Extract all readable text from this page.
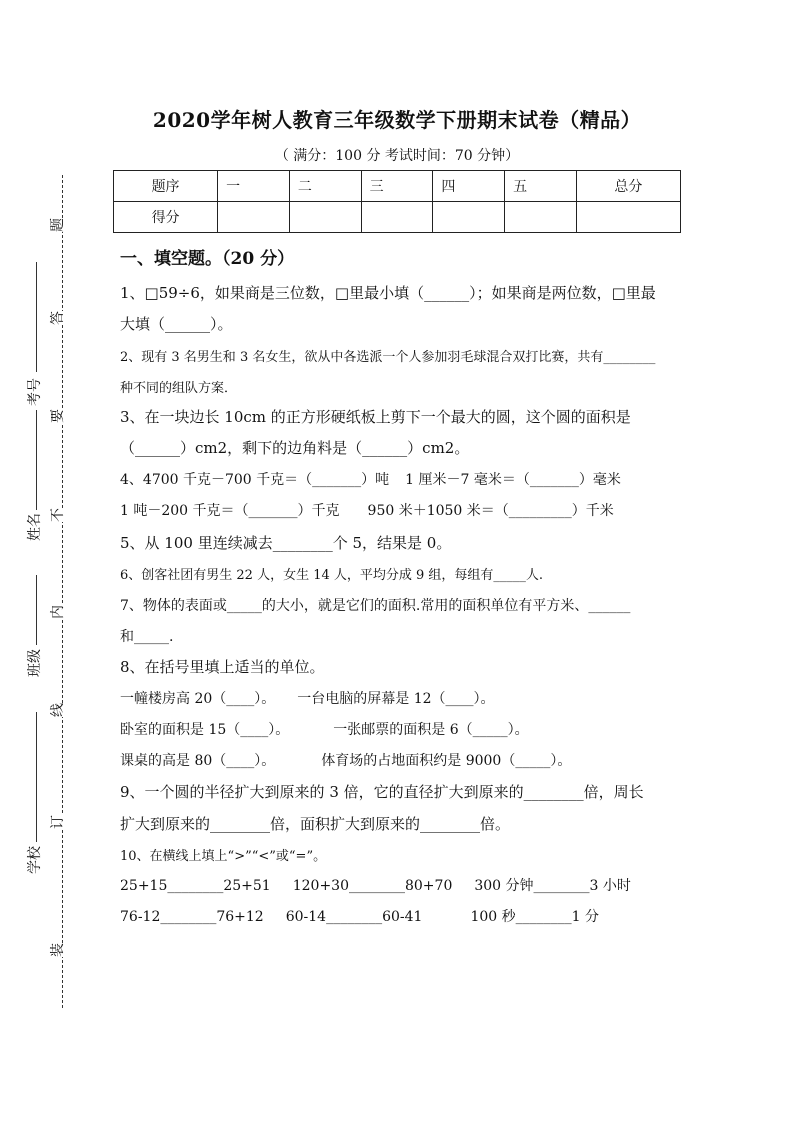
2020学年树人教育三年级数学下册期末试卷（精品）
（ 满分：100 分 考试时间：70 分钟）
题序	一	二	三	四	五	总分
得分						
题
答
要
不
内
线
订
装
考号
姓名
班级
学校
一、填空题。（20 分）
1、□59÷6，如果商是三位数，□里最小填（______）；如果商是两位数，□里最
大填（______）。
2、现有 3 名男生和 3 名女生，欲从中各选派一个人参加羽毛球混合双打比赛，共有________
种不同的组队方案．
3、在一块边长 10cm 的正方形硬纸板上剪下一个最大的圆，这个圆的面积是
（______）cm2，剩下的边角料是（______）cm2。
4、4700 千克－700 千克＝（_______）吨 1 厘米－7 毫米＝（_______）毫米
1 吨－200 千克＝（_______）千克 950 米＋1050 米＝（_________）千米
5、从 100 里连续减去________个 5，结果是 0。
6、创客社团有男生 22 人，女生 14 人，平均分成 9 组，每组有_____人.
7、物体的表面或_____的大小，就是它们的面积.常用的面积单位有平方米、______
和_____.
8、在括号里填上适当的单位。
一幢楼房高 20（____）。 一台电脑的屏幕是 12（____）。
卧室的面积是 15（____）。	一张邮票的面积是 6（_____）。
课桌的高是 80（____）。	体育场的占地面积约是 9000（_____）。
9、一个圆的半径扩大到原来的 3 倍，它的直径扩大到原来的________倍，周长
扩大到原来的________倍，面积扩大到原来的________倍。
10、在横线上填上“>”“<”或“=”。
25+15________25+51 120+30________80+70 300 分钟________3 小时
76-12________76+12 60-14________60-41	100 秒________1 分
